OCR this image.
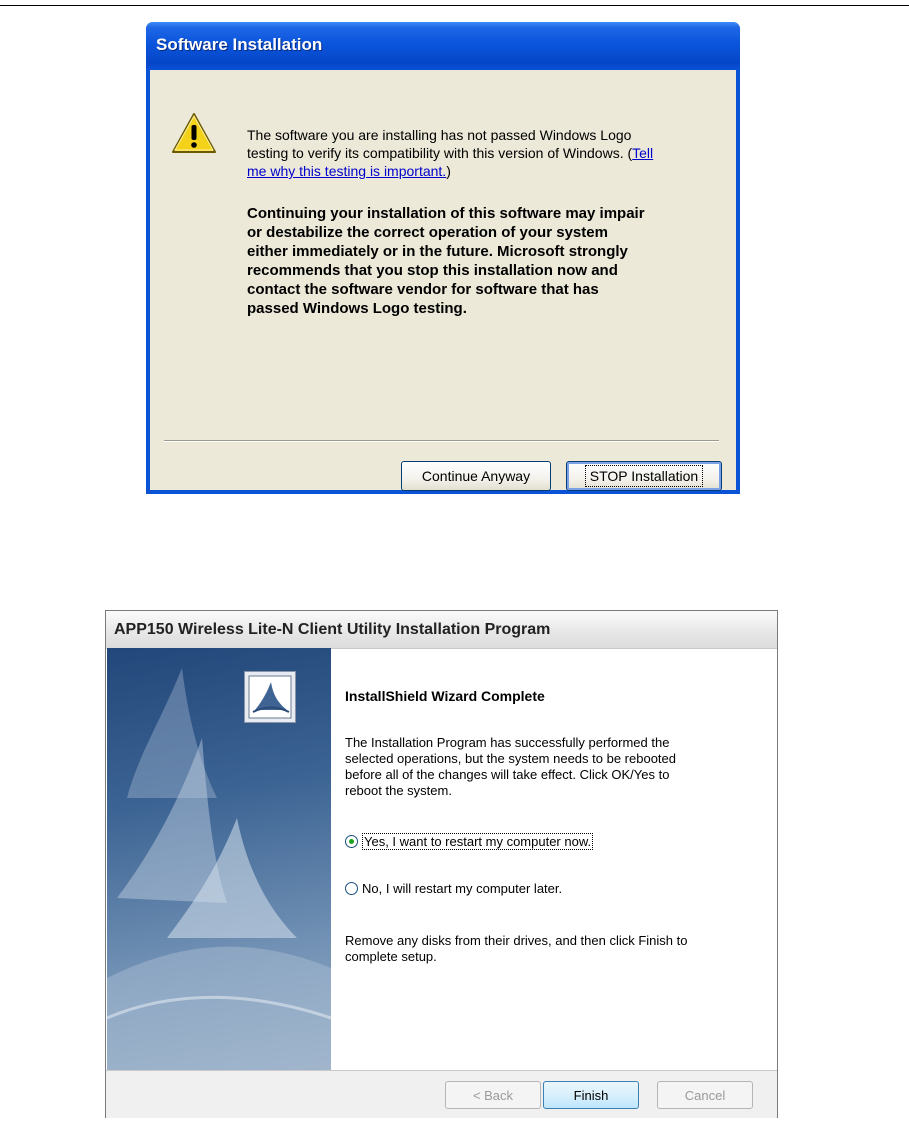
Software Installation
The software you are installing has not passed Windows Logo
testing to verify its compatibility with this version of Windows. (Tell
me why this testing is important.)
Continuing your installation of this software may impair
or destabilize the correct operation of your system
either immediately or in the future. Microsoft strongly
recommends that you stop this installation now and
contact the software vendor for software that has
passed Windows Logo testing.
Continue Anyway	STOP Installation
APP150 Wireless Lite-N Client Utility Installation Program
InstallShield Wizard Complete
The Installation Program has successfully performed the
selected operations, but the system needs to be rebooted
before all of the changes will take effect. Click OK/Yes to
reboot the system.
Yes, I want to restart my computer now.
No, I will restart my computer later.
Remove any disks from their drives, and then click Finish to
complete setup.
< Back	Finish	Cancel
